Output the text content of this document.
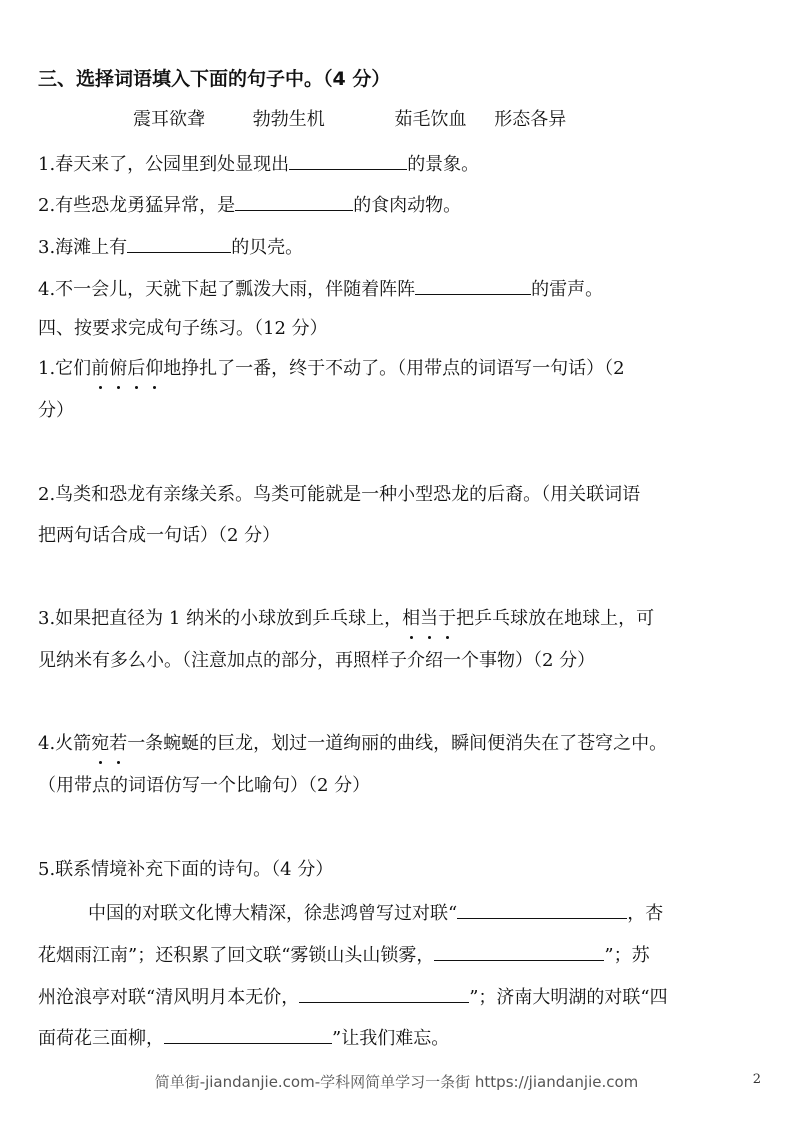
三、选择词语填入下面的句子中。（4 分）
震耳欲聋	勃勃生机	茹毛饮血 形态各异
1.春天来了，公园里到处显现出	的景象。
2.有些恐龙勇猛异常，是	的食肉动物。
3.海滩上有	的贝壳。
4.不一会儿，天就下起了瓢泼大雨，伴随着阵阵	的雷声。
四、按要求完成句子练习。（12 分）
1.它们前俯后仰地挣扎了一番，终于不动了。（用带点的词语写一句话）（2
分）
2.鸟类和恐龙有亲缘关系。鸟类可能就是一种小型恐龙的后裔。（用关联词语
把两句话合成一句话）（2 分）
3.如果把直径为 1 纳米的小球放到乒乓球上，相当于把乒乓球放在地球上，可
见纳米有多么小。（注意加点的部分，再照样子介绍一个事物）（2 分）
4.火箭宛若一条蜿蜒的巨龙，划过一道绚丽的曲线，瞬间便消失在了苍穹之中。
（用带点的词语仿写一个比喻句）（2 分）
5.联系情境补充下面的诗句。（4 分）
中国的对联文化博大精深，徐悲鸿曾写过对联“	，杏
花烟雨江南”；还积累了回文联“雾锁山头山锁雾，	”；苏
州沧浪亭对联“清风明月本无价，	”；济南大明湖的对联“四
面荷花三面柳，	”让我们难忘。
简单街-jiandanjie.com-学科网简单学习一条街 https://jiandanjie.com	2
